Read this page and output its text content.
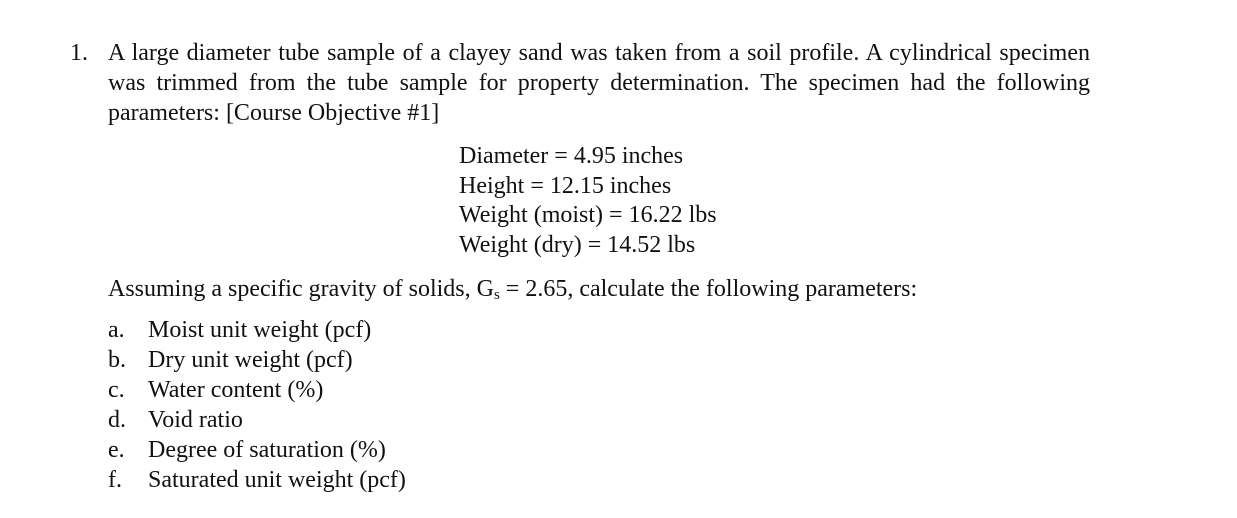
1. A large diameter tube sample of a clayey sand was taken from a soil profile. A cylindrical specimen was trimmed from the tube sample for property determination. The specimen had the following parameters: [Course Objective #1]
Diameter = 4.95 inches
Height = 12.15 inches
Weight (moist) = 16.22 lbs
Weight (dry) = 14.52 lbs
Assuming a specific gravity of solids, $G_s = 2.65$, calculate the following parameters:
a. Moist unit weight (pcf)
b. Dry unit weight (pcf)
c. Water content (%)
d. Void ratio
e. Degree of saturation (%)
f.	Saturated unit weight (pcf)
